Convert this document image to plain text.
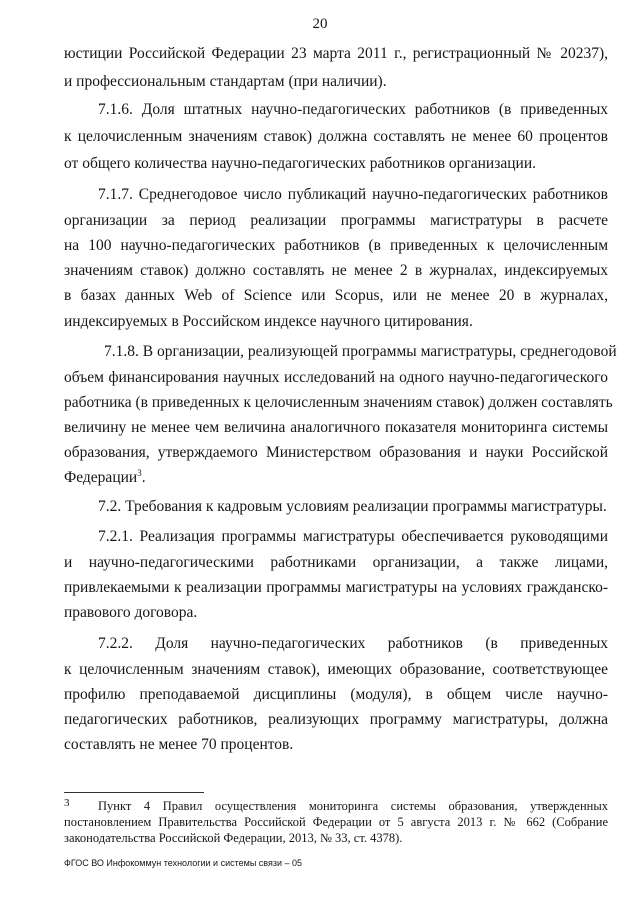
20
юстиции Российской Федерации 23 марта 2011 г., регистрационный № 20237),
и профессиональным стандартам (при наличии).
7.1.6. Доля штатных научно-педагогических работников (в приведенных
к целочисленным значениям ставок) должна составлять не менее 60 процентов
от общего количества научно-педагогических работников организации.
7.1.7. Среднегодовое число публикаций научно-педагогических работников
организации за период реализации программы магистратуры в расчете
на 100 научно-педагогических работников (в приведенных к целочисленным
значениям ставок) должно составлять не менее 2 в журналах, индексируемых
в базах данных Web of Science или Scopus, или не менее 20 в журналах,
индексируемых в Российском индексе научного цитирования.
7.1.8. В организации, реализующей программы магистратуры, среднегодовой
объем финансирования научных исследований на одного научно-педагогического
работника (в приведенных к целочисленным значениям ставок) должен составлять
величину не менее чем величина аналогичного показателя мониторинга системы
образования, утверждаемого Министерством образования и науки Российской
Федерации$^3$.
7.2. Требования к кадровым условиям реализации программы магистратуры.
7.2.1. Реализация программы магистратуры обеспечивается руководящими
и научно-педагогическими работниками организации, а также лицами,
привлекаемыми к реализации программы магистратуры на условиях гражданско-
правового договора.
7.2.2. Доля научно-педагогических работников (в приведенных
к целочисленным значениям ставок), имеющих образование, соответствующее
профилю преподаваемой дисциплины (модуля), в общем числе научно-
педагогических работников, реализующих программу магистратуры, должна
составлять не менее 70 процентов.
3 Пункт 4 Правил осуществления мониторинга системы образования, утвержденных
постановлением Правительства Российской Федерации от 5 августа 2013 г. № 662 (Собрание
законодательства Российской Федерации, 2013, № 33, ст. 4378).
ФГОС ВО Инфокоммун технологии и системы связи – 05
